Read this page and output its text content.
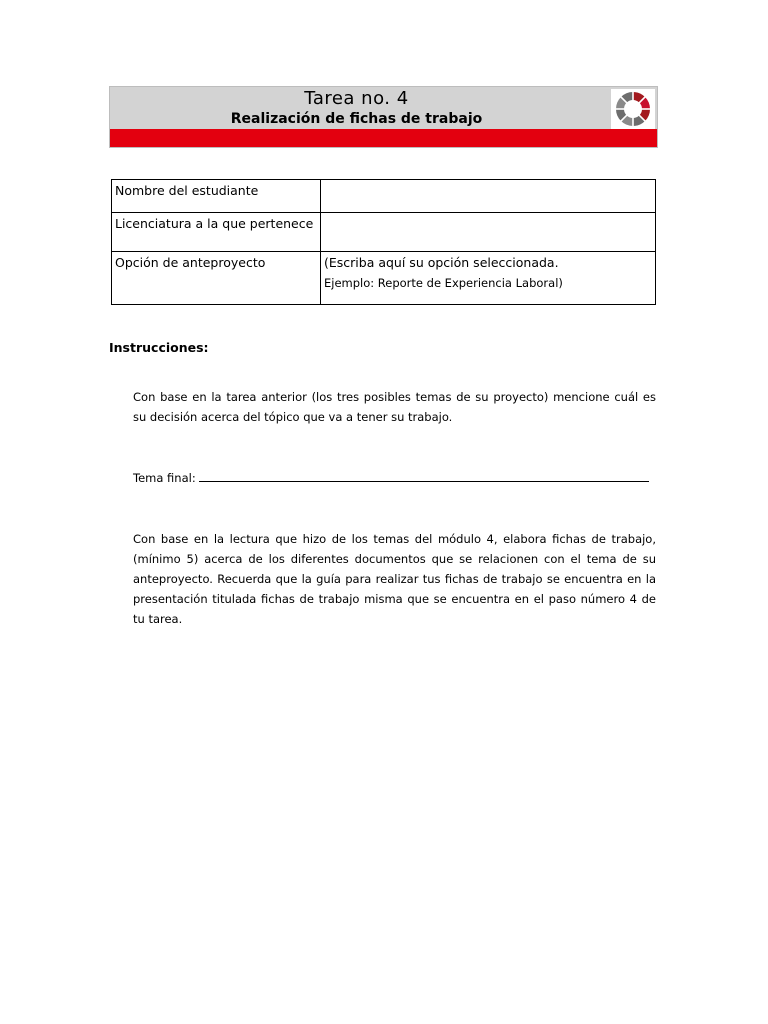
Tarea no. 4
Realización de fichas de trabajo
Nombre del estudiante	
Licenciatura a la que pertenece	
Opción de anteproyecto	(Escriba aquí su opción seleccionada.
Ejemplo: Reporte de Experiencia Laboral)
Instrucciones:
Con base en la tarea anterior (los tres posibles temas de su proyecto) mencione cuál es su decisión acerca del tópico que va a tener su trabajo.
Tema final:
Con base en la lectura que hizo de los temas del módulo 4, elabora fichas de trabajo, (mínimo 5) acerca de los diferentes documentos que se relacionen con el tema de su anteproyecto. Recuerda que la guía para realizar tus fichas de trabajo se encuentra en la presentación titulada fichas de trabajo misma que se encuentra en el paso número 4 de tu tarea.
